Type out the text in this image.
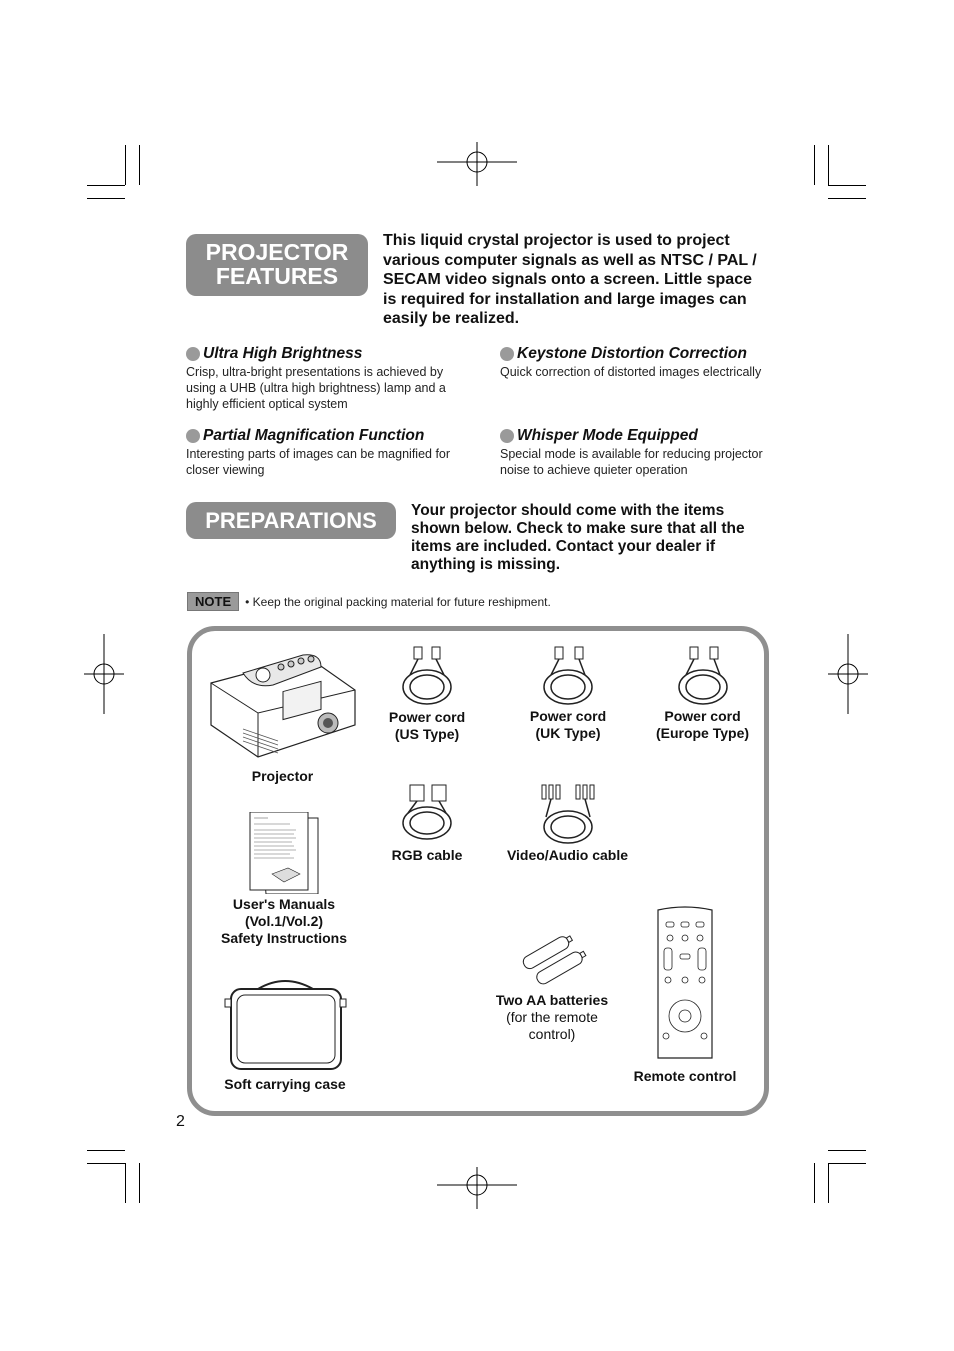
PROJECTOR
FEATURES
This liquid crystal projector is used to project various computer signals as well as NTSC / PAL / SECAM video signals onto a screen. Little space is required for installation and large images can easily be realized.
Ultra High Brightness
Crisp, ultra-bright presentations is achieved by using a UHB (ultra high brightness) lamp and a highly efficient optical system
Keystone Distortion Correction
Quick correction of distorted images electrically
Partial Magnification Function
Interesting parts of images can be magnified for closer viewing
Whisper Mode Equipped
Special mode is available for reducing projector noise to achieve quieter operation
PREPARATIONS	Your projector should come with the items shown below. Check to make sure that all the items are included. Contact your dealer if anything is missing.
NOTE	• Keep the original packing material for future reshipment.
Projector
Power cord
(US Type)
Power cord
(UK Type)
Power cord
(Europe Type)
RGB cable	Video/Audio cable
User's Manuals
(Vol.1/Vol.2)
Safety Instructions
Two AA batteries
(for the remote
control)
Remote control
Soft carrying case
2
